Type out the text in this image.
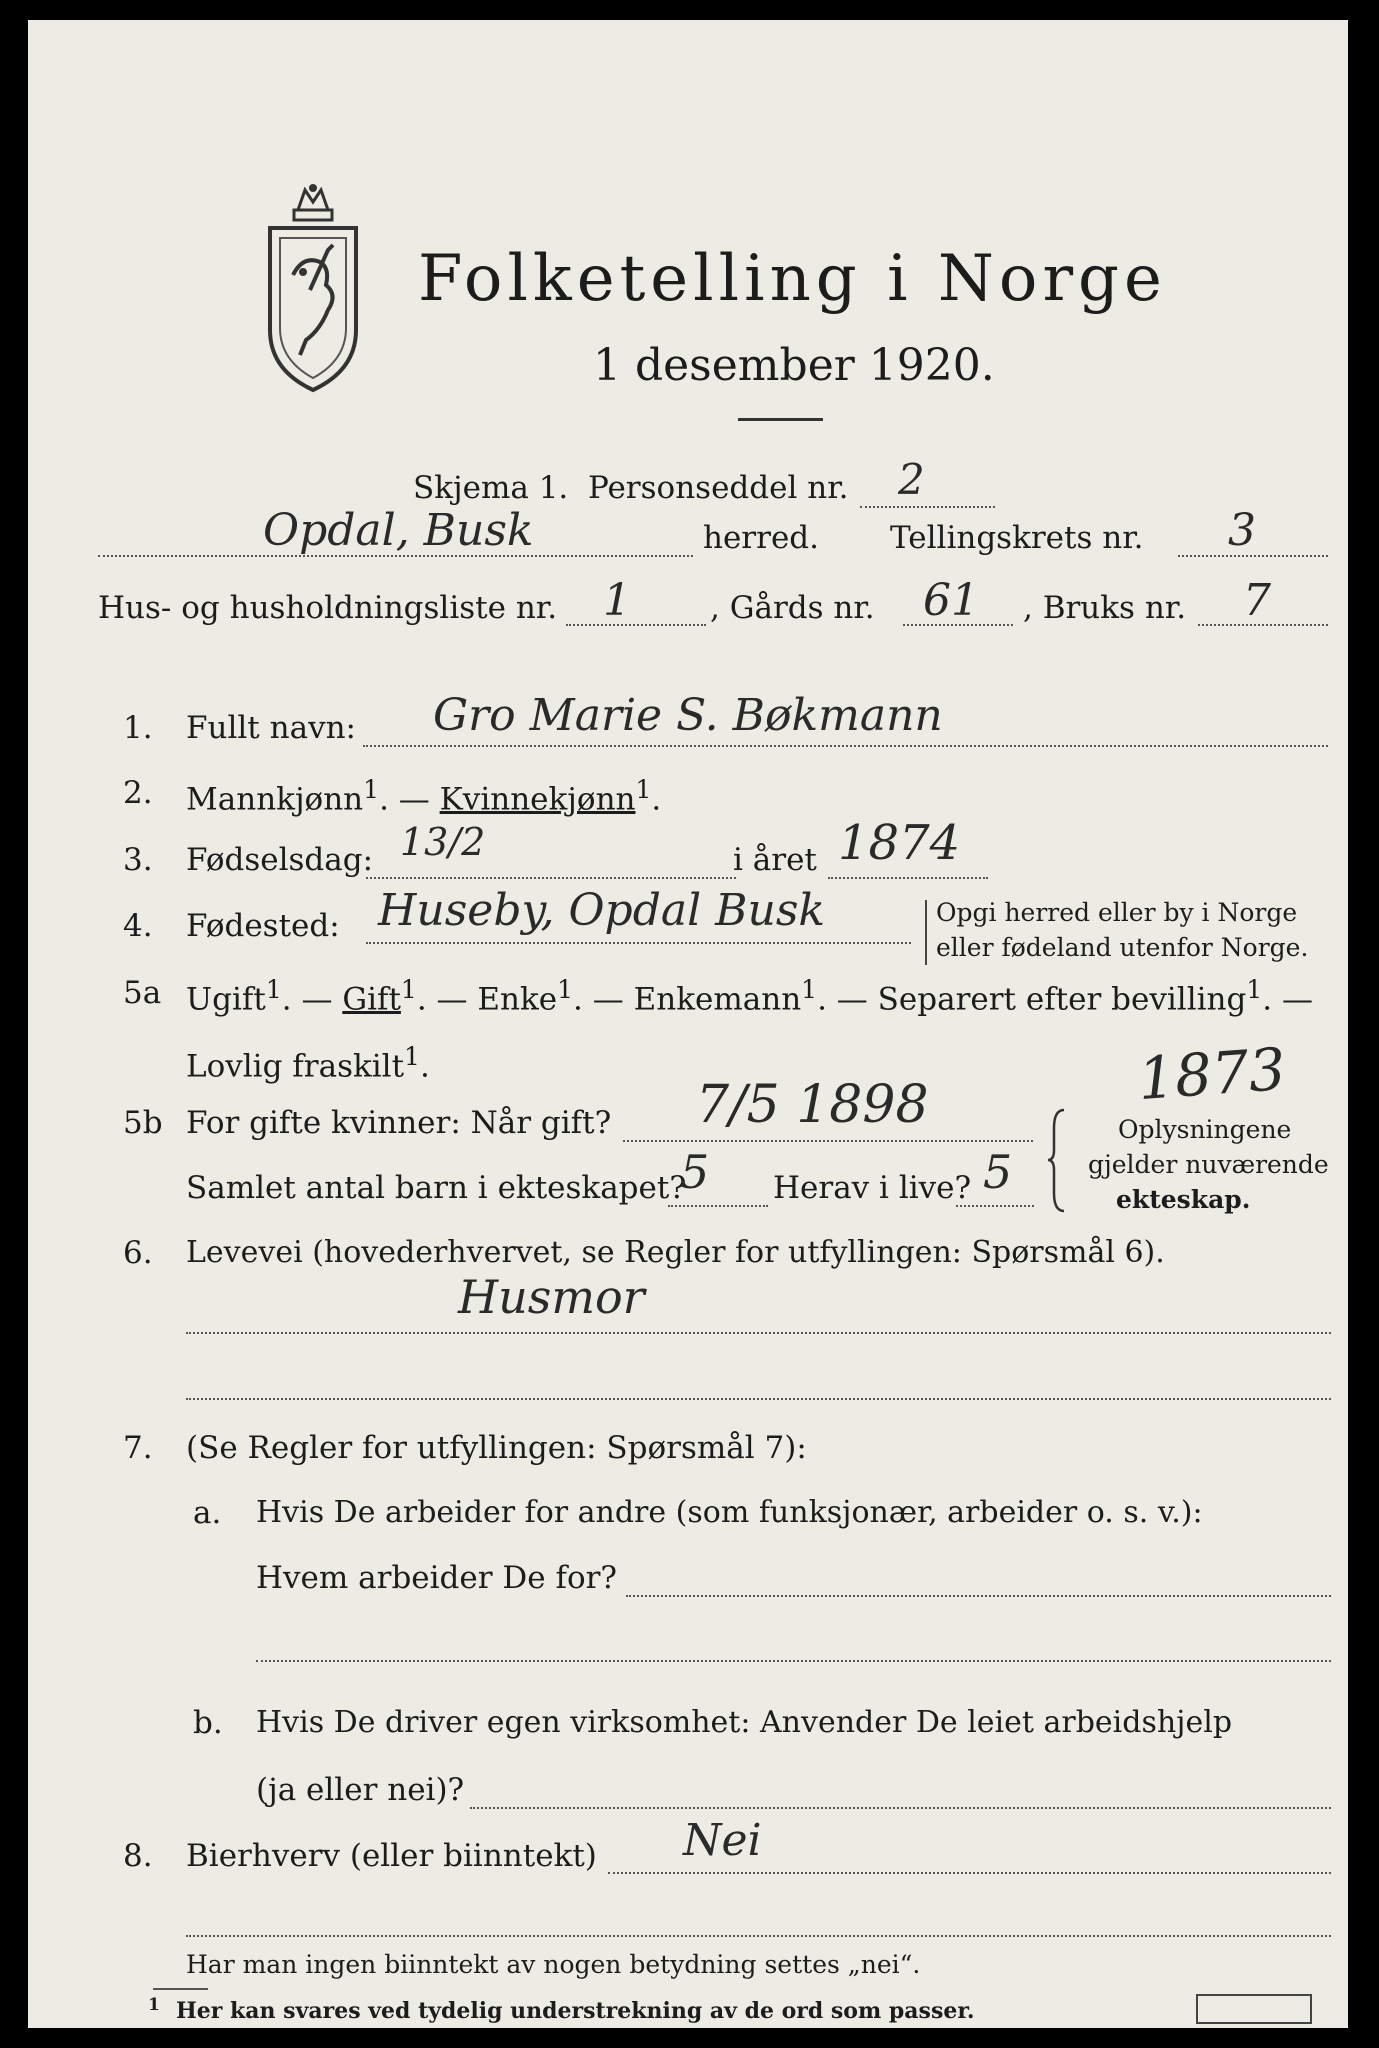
Folketelling i Norge
1 desember 1920.
Skjema 1. Personseddel nr. 2
Opdal, Busk	herred. Tellingskrets nr. 3
Hus- og husholdningsliste nr. 1	, Gårds nr. 61 , Bruks nr. 7
1. Fullt navn: Gro Marie S. Bøkmann
2. Mannkjønn$^1$. — Kvinnekjønn$^1$.
3. Fødselsdag: 13/2	i året 1874
4. Fødested: Huseby, Opdal Busk	Opgi herred eller by i Norge
eller fødeland utenfor Norge.
5a Ugift$^1$. — Gift$^1$. — Enke$^1$. — Enkemann$^1$. — Separert efter bevilling$^1$. —
Lovlig fraskilt$^1$.	1873
5b For gifte kvinner: Når gift? 7/5 1898
Samlet antal barn i ekteskapet?
5 Herav i live? 5
Oplysningene
gjelder nuværende
ekteskap.
6. Levevei (hovederhvervet, se Regler for utfyllingen: Spørsmål 6).
Husmor
7. (Se Regler for utfyllingen: Spørsmål 7):
a. Hvis De arbeider for andre (som funksjonær, arbeider o. s. v.):
Hvem arbeider De for?
b. Hvis De driver egen virksomhet: Anvender De leiet arbeidshjelp
(ja eller nei)?
8. Bierhverv (eller biinntekt) Nei
Har man ingen biinntekt av nogen betydning settes „nei“.
1 Her kan svares ved tydelig understrekning av de ord som passer.
